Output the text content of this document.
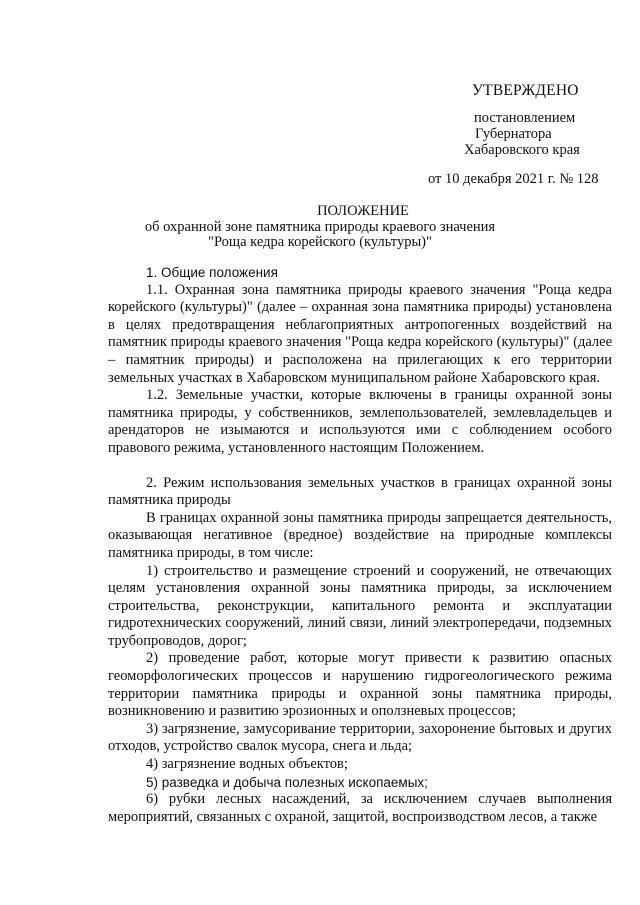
УТВЕРЖДЕНО
постановлением
Губернатора
Хабаровского края
от 10 декабря 2021 г. № 128
ПОЛОЖЕНИЕ
об охранной зоне памятника природы краевого значения
"Роща кедра корейского (культуры)"

1. Общие положения

1.1. Охранная зона памятника природы краевого значения "Роща кедра корейского (культуры)" (далее – охранная зона памятника природы) установлена в целях предотвращения неблагоприятных антропогенных воздействий на памятник природы краевого значения "Роща кедра корейского (культуры)" (далее – памятник природы) и расположена на прилегающих к его территории земельных участках в Хабаровском муниципальном районе Хабаровского края.

1.2. Земельные участки, которые включены в границы охранной зоны памятника природы, у собственников, землепользователей, землевладельцев и арендаторов не изымаются и используются ими с соблюдением особого правового режима, установленного настоящим Положением.

2. Режим использования земельных участков в границах охранной зоны памятника природы

В границах охранной зоны памятника природы запрещается деятельность, оказывающая негативное (вредное) воздействие на природные комплексы памятника природы, в том числе:

1) строительство и размещение строений и сооружений, не отвечающих целям установления охранной зоны памятника природы, за исключением строительства, реконструкции, капитального ремонта и эксплуатации гидротехнических сооружений, линий связи, линий электропередачи, подземных трубопроводов, дорог;

2) проведение работ, которые могут привести к развитию опасных геоморфологических процессов и нарушению гидрогеологического режима территории памятника природы и охранной зоны памятника природы, возникновению и развитию эрозионных и оползневых процессов;

3) загрязнение, замусоривание территории, захоронение бытовых и других отходов, устройство свалок мусора, снега и льда;

4) загрязнение водных объектов;

5) разведка и добыча полезных ископаемых;

6) рубки лесных насаждений, за исключением случаев выполнения мероприятий, связанных с охраной, защитой, воспроизводством лесов, а также
